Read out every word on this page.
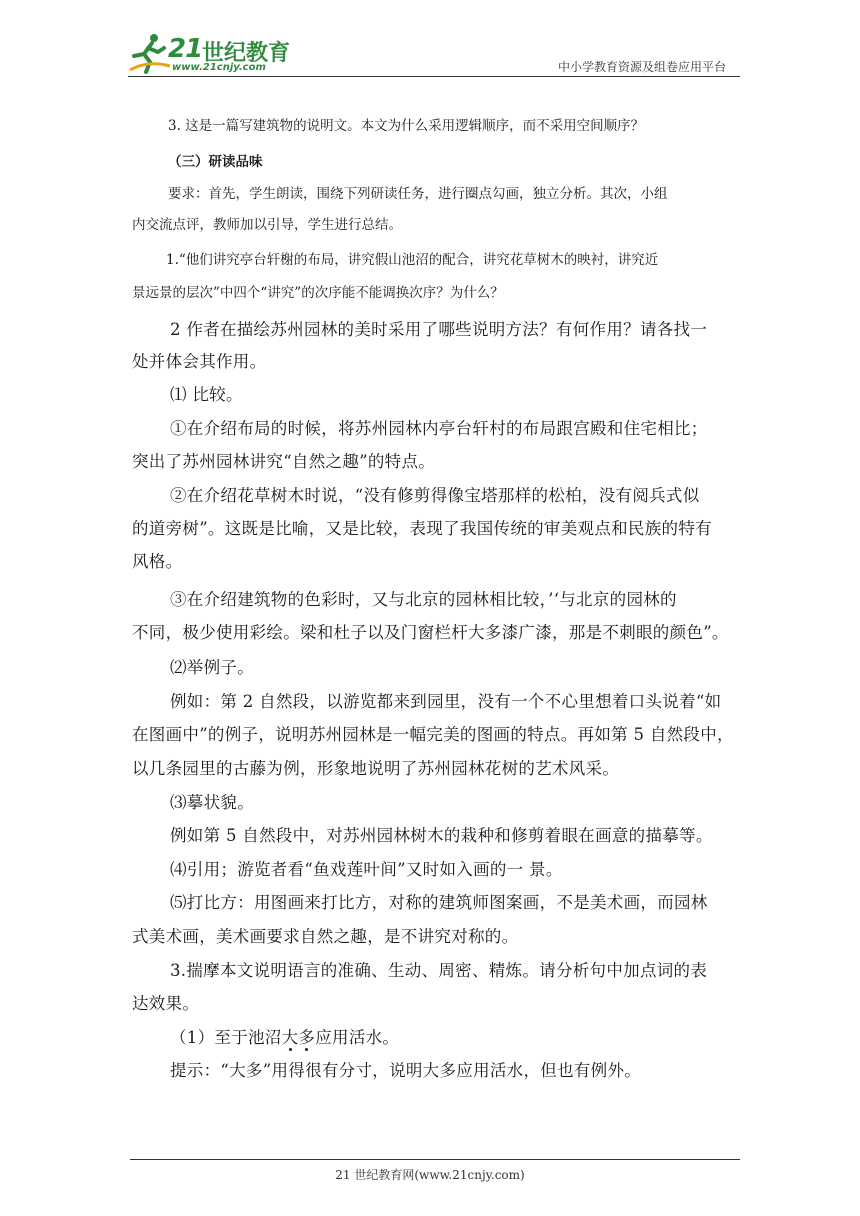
21 世纪教育
www.21cnjy.com	中小学教育资源及组卷应用平台
3. 这是一篇写建筑物的说明文。本文为什么采用逻辑顺序，而不采用空间顺序？
（三）研读品味
要求：首先，学生朗读，围绕下列研读任务，进行圈点勾画，独立分析。其次，小组
内交流点评，教师加以引导，学生进行总结。
1.“他们讲究亭台轩榭的布局，讲究假山池沼的配合，讲究花草树木的映衬，讲究近
景远景的层次”中四个“讲究”的次序能不能调换次序？为什么？
2 作者在描绘苏州园林的美时采用了哪些说明方法？有何作用？请各找一
处并体会其作用。
⑴ 比较。
①在介绍布局的时候，将苏州园林内亭台轩村的布局跟宫殿和住宅相比；
突出了苏州园林讲究“自然之趣”的特点。
②在介绍花草树木时说，“没有修剪得像宝塔那样的松柏，没有阅兵式似
的道旁树”。这既是比喻，又是比较，表现了我国传统的审美观点和民族的特有
风格。
③在介绍建筑物的色彩时，又与北京的园林相比较，’‘与北京的园林的
不同，极少使用彩绘。梁和杜子以及门窗栏杆大多漆广漆，那是不刺眼的颜色”。
⑵举例子。
例如：第 2 自然段，以游览都来到园里，没有一个不心里想着口头说着“如
在图画中”的例子，说明苏州园林是一幅完美的图画的特点。再如第 5 自然段中，
以几条园里的古藤为例，形象地说明了苏州园林花树的艺术风采。
⑶摹状貌。
例如第 5 自然段中，对苏州园林树木的栽种和修剪着眼在画意的描摹等。
⑷引用；游览者看“鱼戏莲叶间”又时如入画的一 景。
⑸打比方：用图画来打比方，对称的建筑师图案画，不是美术画，而园林
式美术画，美术画要求自然之趣，是不讲究对称的。
3.揣摩本文说明语言的准确、生动、周密、精炼。请分析句中加点词的表
达效果。
（1）至于池沼大多应用活水。
提示：“大多”用得很有分寸，说明大多应用活水，但也有例外。
21 世纪教育网(www.21cnjy.com)
